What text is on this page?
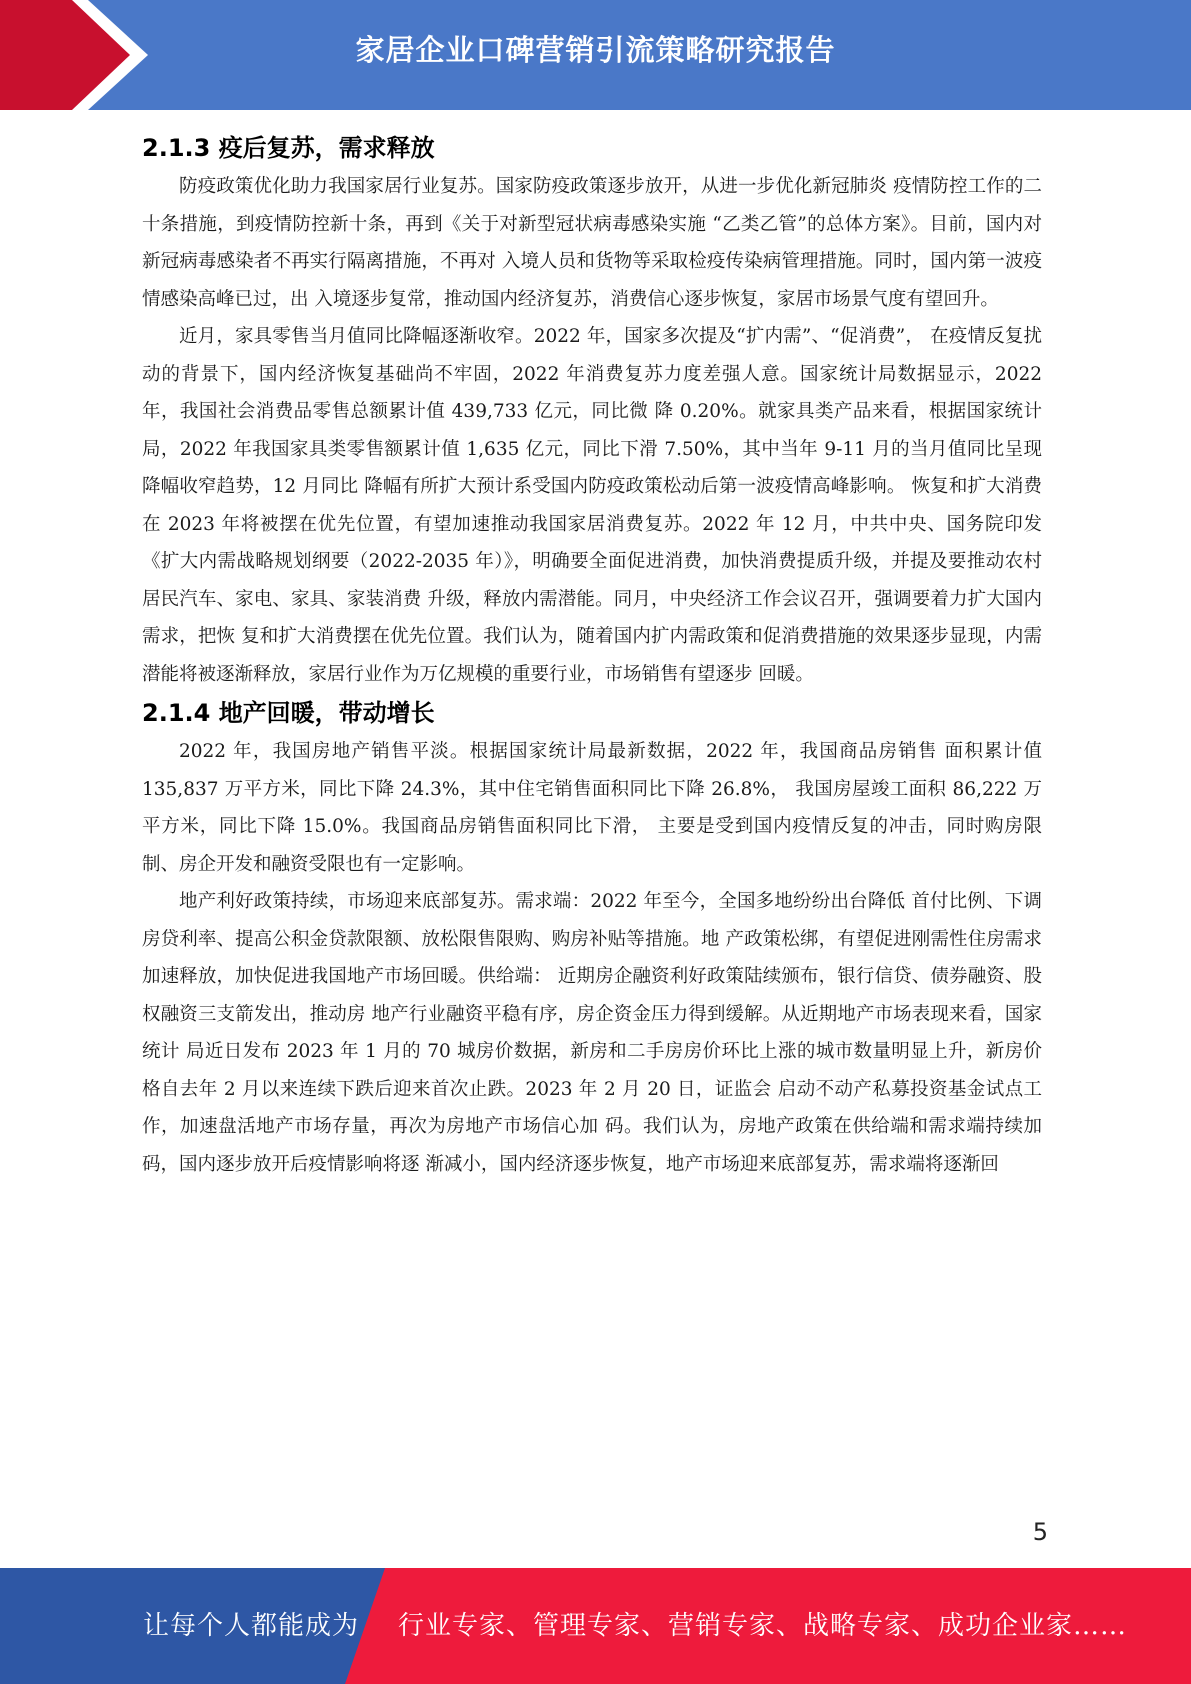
家居企业口碑营销引流策略研究报告
2.1.3 疫后复苏，需求释放

防疫政策优化助力我国家居行业复苏。国家防疫政策逐步放开，从进一步优化新冠肺炎 疫情防控工作的二十条措施，到疫情防控新十条，再到《关于对新型冠状病毒感染实施 “乙类乙管”的总体方案》。目前，国内对新冠病毒感染者不再实行隔离措施，不再对 入境人员和货物等采取检疫传染病管理措施。同时，国内第一波疫情感染高峰已过，出 入境逐步复常，推动国内经济复苏，消费信心逐步恢复，家居市场景气度有望回升。

近月，家具零售当月值同比降幅逐渐收窄。2022 年，国家多次提及“扩内需”、“促消费”， 在疫情反复扰动的背景下，国内经济恢复基础尚不牢固，2022 年消费复苏力度差强人意。国家统计局数据显示，2022 年，我国社会消费品零售总额累计值 439,733 亿元，同比微 降 0.20%。就家具类产品来看，根据国家统计局，2022 年我国家具类零售额累计值 1,635 亿元，同比下滑 7.50%，其中当年 9-11 月的当月值同比呈现降幅收窄趋势，12 月同比 降幅有所扩大预计系受国内防疫政策松动后第一波疫情高峰影响。 恢复和扩大消费在 2023 年将被摆在优先位置，有望加速推动我国家居消费复苏。2022 年 12 月，中共中央、国务院印发《扩大内需战略规划纲要（2022-2035 年）》，明确要全面促进消费，加快消费提质升级，并提及要推动农村居民汽车、家电、家具、家装消费 升级，释放内需潜能。同月，中央经济工作会议召开，强调要着力扩大国内需求，把恢 复和扩大消费摆在优先位置。我们认为，随着国内扩内需政策和促消费措施的效果逐步显现，内需潜能将被逐渐释放，家居行业作为万亿规模的重要行业，市场销售有望逐步 回暖。

2.1.4 地产回暖，带动增长

2022 年，我国房地产销售平淡。根据国家统计局最新数据，2022 年，我国商品房销售 面积累计值 135,837 万平方米，同比下降 24.3%，其中住宅销售面积同比下降 26.8%， 我国房屋竣工面积 86,222 万平方米，同比下降 15.0%。我国商品房销售面积同比下滑， 主要是受到国内疫情反复的冲击，同时购房限制、房企开发和融资受限也有一定影响。

地产利好政策持续，市场迎来底部复苏。需求端：2022 年至今，全国多地纷纷出台降低 首付比例、下调房贷利率、提高公积金贷款限额、放松限售限购、购房补贴等措施。地 产政策松绑，有望促进刚需性住房需求加速释放，加快促进我国地产市场回暖。供给端： 近期房企融资利好政策陆续颁布，银行信贷、债券融资、股权融资三支箭发出，推动房 地产行业融资平稳有序，房企资金压力得到缓解。从近期地产市场表现来看，国家统计 局近日发布 2023 年 1 月的 70 城房价数据，新房和二手房房价环比上涨的城市数量明显上升，新房价格自去年 2 月以来连续下跌后迎来首次止跌。2023 年 2 月 20 日，证监会 启动不动产私募投资基金试点工作，加速盘活地产市场存量，再次为房地产市场信心加 码。我们认为，房地产政策在供给端和需求端持续加码，国内逐步放开后疫情影响将逐 渐减小，国内经济逐步恢复，地产市场迎来底部复苏，需求端将逐渐回

5
让每个人都能成为 行业专家、管理专家、营销专家、战略专家、成功企业家……
